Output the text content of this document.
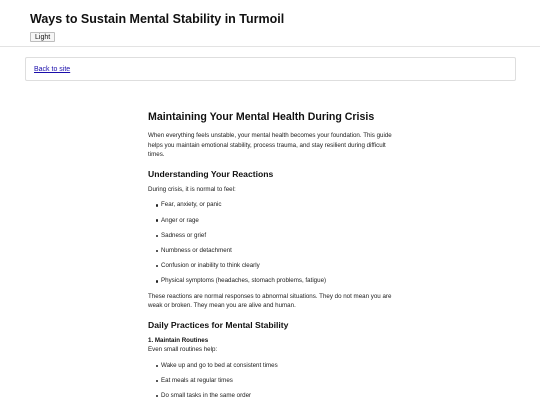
Ways to Sustain Mental Stability in Turmoil
Light
Back to site
Maintaining Your Mental Health During Crisis

When everything feels unstable, your mental health becomes your foundation. This guide helps you maintain emotional stability, process trauma, and stay resilient during difficult times.

Understanding Your Reactions

During crisis, it is normal to feel:

Fear, anxiety, or panic
Anger or rage
Sadness or grief
Numbness or detachment
Confusion or inability to think clearly
Physical symptoms (headaches, stomach problems, fatigue)

These reactions are normal responses to abnormal situations. They do not mean you are weak or broken. They mean you are alive and human.

Daily Practices for Mental Stability
1. Maintain Routines

Even small routines help:

Wake up and go to bed at consistent times
Eat meals at regular times
Do small tasks in the same order
